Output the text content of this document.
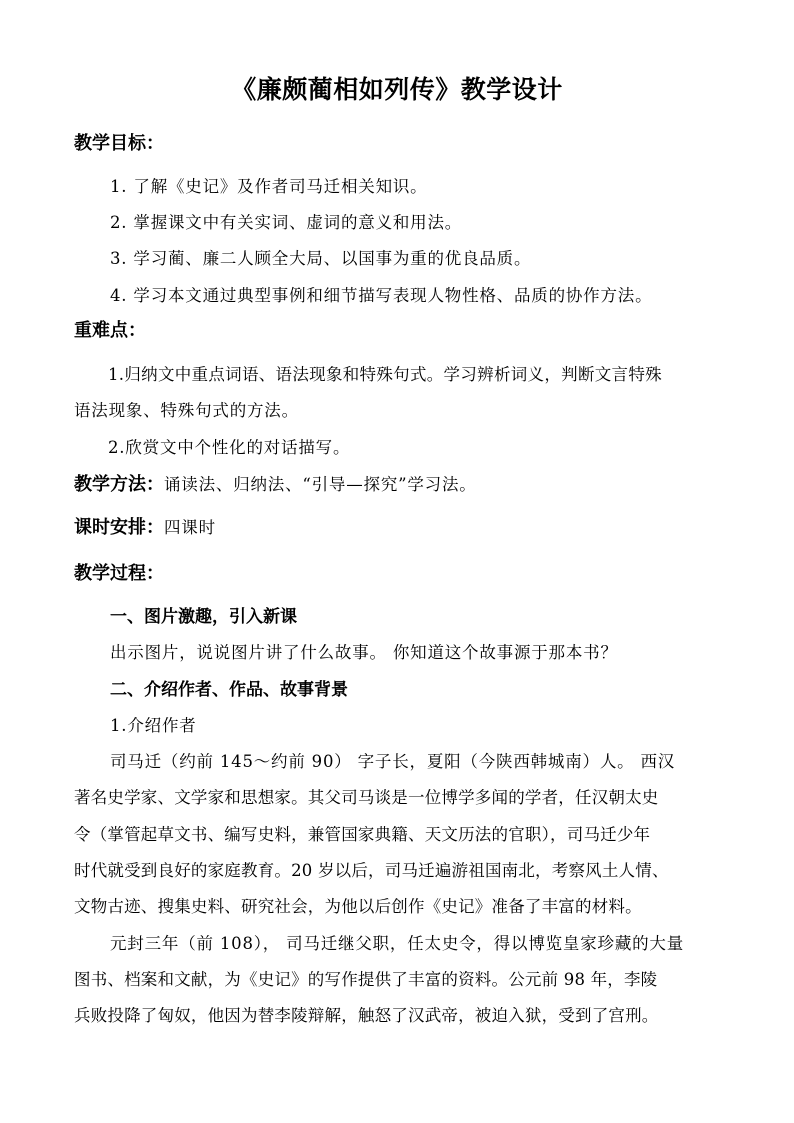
《廉颇蔺相如列传》教学设计
教学目标：
1. 了解《史记》及作者司马迁相关知识。
2. 掌握课文中有关实词、虚词的意义和用法。
3. 学习蔺、廉二人顾全大局、以国事为重的优良品质。
4. 学习本文通过典型事例和细节描写表现人物性格、品质的协作方法。
重难点：
1.归纳文中重点词语、语法现象和特殊句式。学习辨析词义，判断文言特殊
语法现象、特殊句式的方法。
2.欣赏文中个性化的对话描写。
教学方法：诵读法、归纳法、“引导—探究”学习法。
课时安排：四课时
教学过程：
一、图片激趣，引入新课
出示图片，说说图片讲了什么故事。 你知道这个故事源于那本书？
二、介绍作者、作品、故事背景
1.介绍作者
司马迁（约前 145～约前 90） 字子长，夏阳（今陕西韩城南）人。 西汉
著名史学家、文学家和思想家。其父司马谈是一位博学多闻的学者，任汉朝太史
令（掌管起草文书、编写史料，兼管国家典籍、天文历法的官职），司马迁少年
时代就受到良好的家庭教育。20 岁以后，司马迁遍游祖国南北，考察风土人情、
文物古迹、搜集史料、研究社会，为他以后创作《史记》准备了丰富的材料。
元封三年（前 108）， 司马迁继父职，任太史令，得以博览皇家珍藏的大量
图书、档案和文献，为《史记》的写作提供了丰富的资料。公元前 98 年，李陵
兵败投降了匈奴，他因为替李陵辩解，触怒了汉武帝，被迫入狱，受到了宫刑。
